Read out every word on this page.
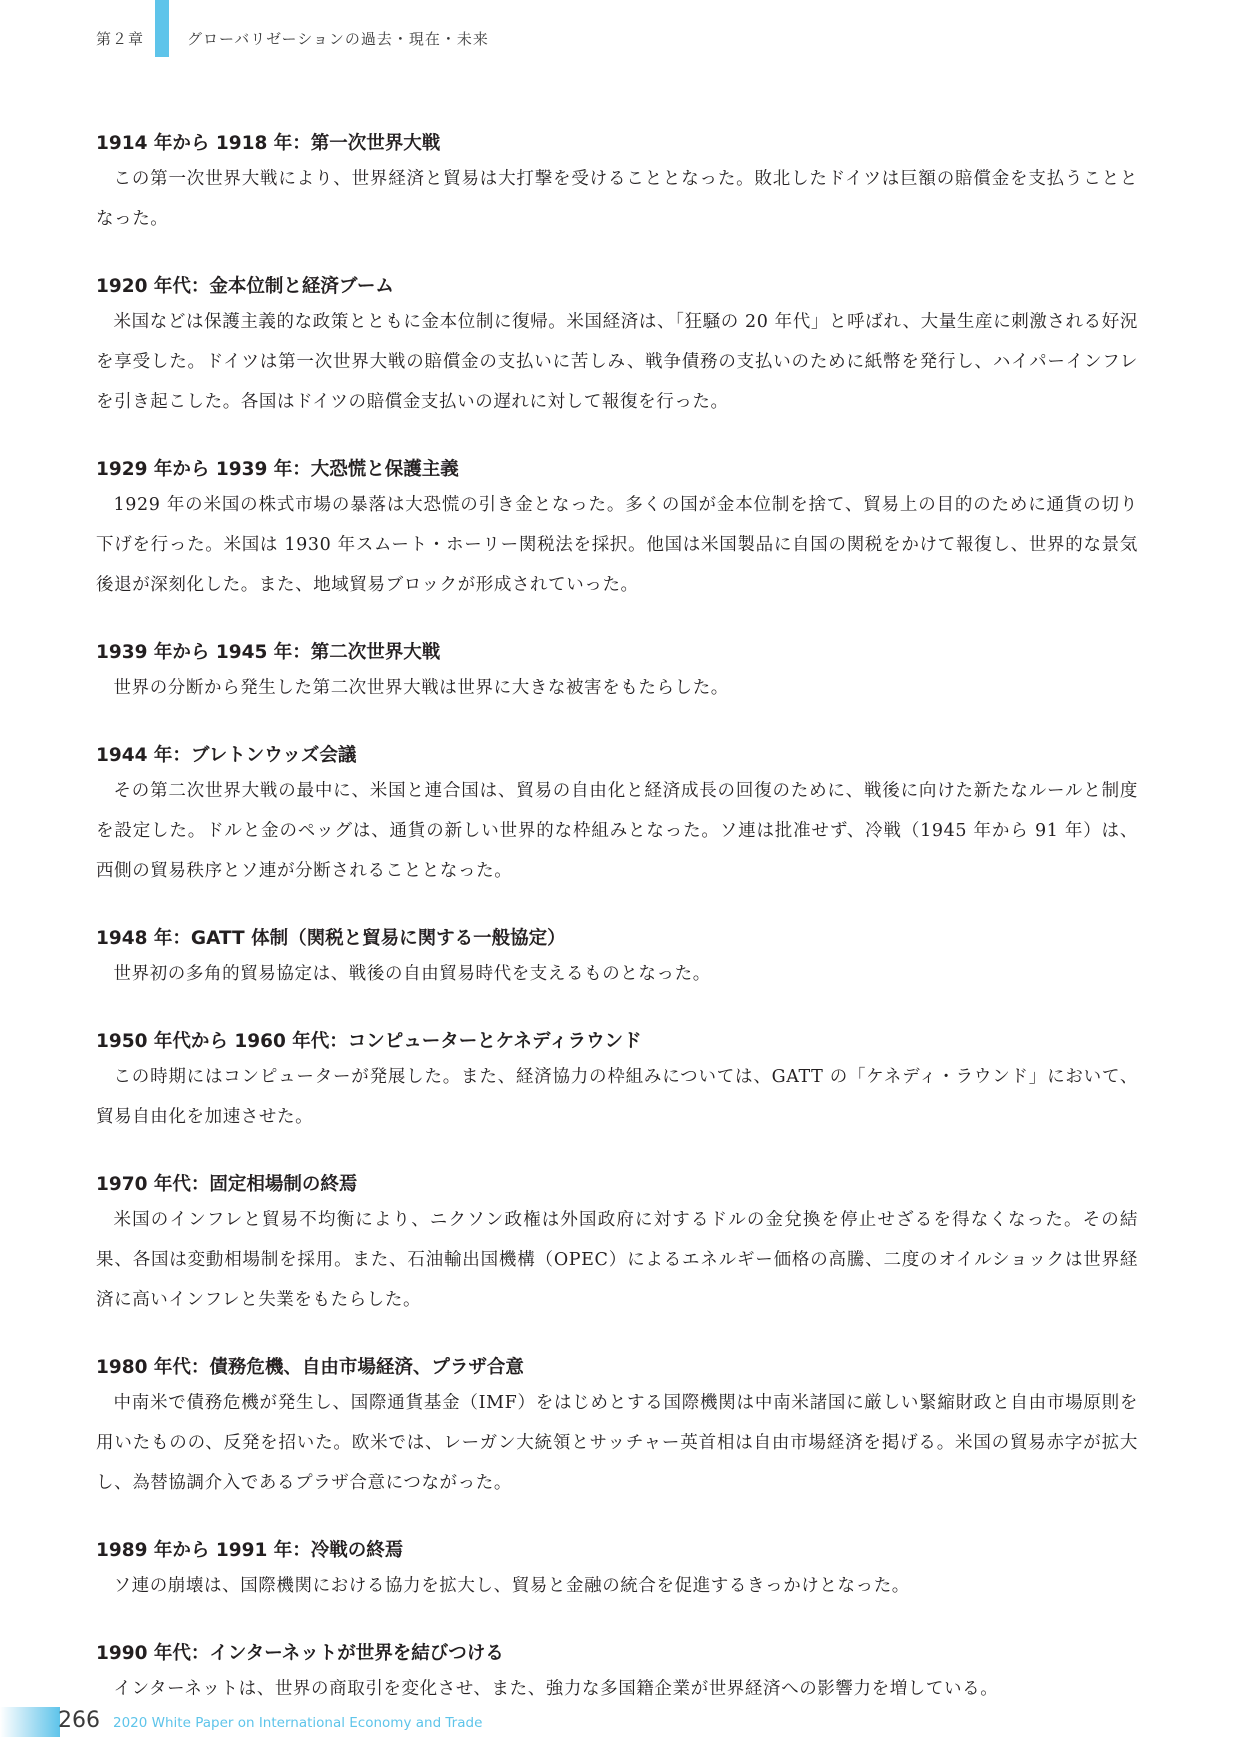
第２章	グローバリゼーションの過去・現在・未来
1914 年から 1918 年：第一次世界大戦

この第一次世界大戦により、世界経済と貿易は大打撃を受けることとなった。敗北したドイツは巨額の賠償金を支払うこととなった。

1920 年代：金本位制と経済ブーム

米国などは保護主義的な政策とともに金本位制に復帰。米国経済は、「狂騒の 20 年代」と呼ばれ、大量生産に刺激される好況を享受した。ドイツは第一次世界大戦の賠償金の支払いに苦しみ、戦争債務の支払いのために紙幣を発行し、ハイパーインフレを引き起こした。各国はドイツの賠償金支払いの遅れに対して報復を行った。

1929 年から 1939 年：大恐慌と保護主義

1929 年の米国の株式市場の暴落は大恐慌の引き金となった。多くの国が金本位制を捨て、貿易上の目的のために通貨の切り下げを行った。米国は 1930 年スムート・ホーリー関税法を採択。他国は米国製品に自国の関税をかけて報復し、世界的な景気後退が深刻化した。また、地域貿易ブロックが形成されていった。

1939 年から 1945 年：第二次世界大戦

世界の分断から発生した第二次世界大戦は世界に大きな被害をもたらした。

1944 年：ブレトンウッズ会議

その第二次世界大戦の最中に、米国と連合国は、貿易の自由化と経済成長の回復のために、戦後に向けた新たなルールと制度を設定した。ドルと金のペッグは、通貨の新しい世界的な枠組みとなった。ソ連は批准せず、冷戦（1945 年から 91 年）は、西側の貿易秩序とソ連が分断されることとなった。

1948 年：GATT 体制（関税と貿易に関する一般協定）

世界初の多角的貿易協定は、戦後の自由貿易時代を支えるものとなった。

1950 年代から 1960 年代：コンピューターとケネディラウンド

この時期にはコンピューターが発展した。また、経済協力の枠組みについては、GATT の「ケネディ・ラウンド」において、貿易自由化を加速させた。

1970 年代：固定相場制の終焉

米国のインフレと貿易不均衡により、ニクソン政権は外国政府に対するドルの金兌換を停止せざるを得なくなった。その結果、各国は変動相場制を採用。また、石油輸出国機構（OPEC）によるエネルギー価格の高騰、二度のオイルショックは世界経済に高いインフレと失業をもたらした。

1980 年代：債務危機、自由市場経済、プラザ合意

中南米で債務危機が発生し、国際通貨基金（IMF）をはじめとする国際機関は中南米諸国に厳しい緊縮財政と自由市場原則を用いたものの、反発を招いた。欧米では、レーガン大統領とサッチャー英首相は自由市場経済を掲げる。米国の貿易赤字が拡大し、為替協調介入であるプラザ合意につながった。

1989 年から 1991 年：冷戦の終焉

ソ連の崩壊は、国際機関における協力を拡大し、貿易と金融の統合を促進するきっかけとなった。

1990 年代：インターネットが世界を結びつける

インターネットは、世界の商取引を変化させ、また、強力な多国籍企業が世界経済への影響力を増している。

266 2020 White Paper on International Economy and Trade
